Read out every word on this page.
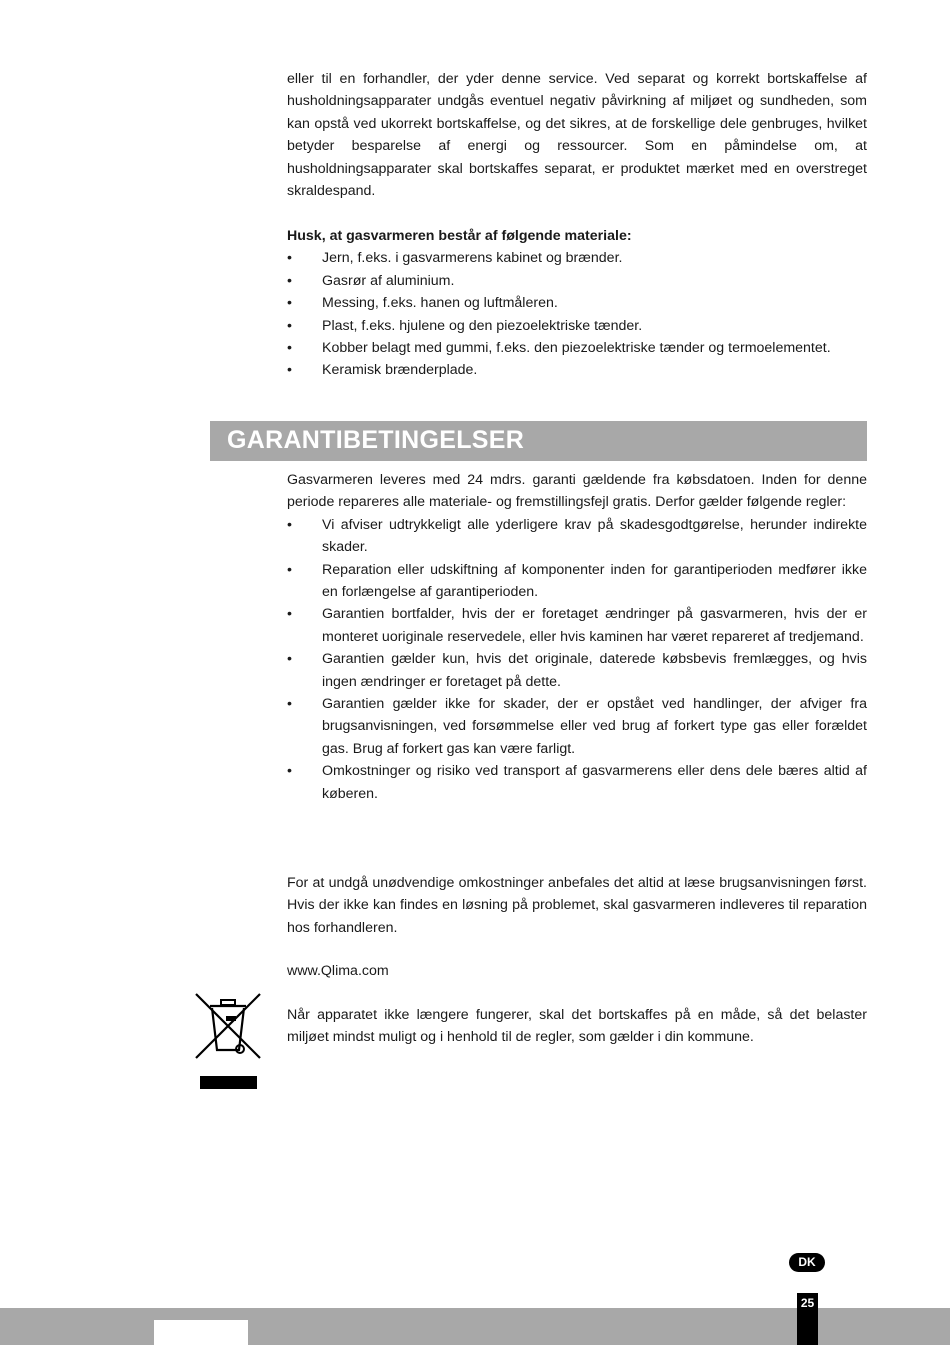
eller til en forhandler, der yder denne service. Ved separat og korrekt bortskaffelse af husholdningsapparater undgås eventuel negativ påvirkning af miljøet og sundheden, som kan opstå ved ukorrekt bortskaffelse, og det sikres, at de forskellige dele genbruges, hvilket betyder besparelse af energi og ressourcer. Som en påmindelse om, at husholdningsapparater skal bortskaffes separat, er produktet mærket med en overstreget skraldespand.

Husk, at gasvarmeren består af følgende materiale:

• Jern, f.eks. i gasvarmerens kabinet og brænder.
• Gasrør af aluminium.
• Messing, f.eks. hanen og luftmåleren.
• Plast, f.eks. hjulene og den piezoelektriske tænder.
• Kobber belagt med gummi, f.eks. den piezoelektriske tænder og termoelementet.
• Keramisk brænderplade.
GARANTIBETINGELSER

Gasvarmeren leveres med 24 mdrs. garanti gældende fra købsdatoen. Inden for denne periode repareres alle materiale- og fremstillingsfejl gratis. Derfor gælder følgende regler:

• Vi afviser udtrykkeligt alle yderligere krav på skadesgodtgørelse, herunder indirekte skader.
• Reparation eller udskiftning af komponenter inden for garantiperioden medfører ikke en forlængelse af garantiperioden.
• Garantien bortfalder, hvis der er foretaget ændringer på gasvarmeren, hvis der er monteret uoriginale reservedele, eller hvis kaminen har været repareret af tredjemand.
• Garantien gælder kun, hvis det originale, daterede købsbevis fremlægges, og hvis ingen ændringer er foretaget på dette.
• Garantien gælder ikke for skader, der er opstået ved handlinger, der afviger fra brugsanvisningen, ved forsømmelse eller ved brug af forkert type gas eller forældet gas. Brug af forkert gas kan være farligt.
• Omkostninger og risiko ved transport af gasvarmerens eller dens dele bæres altid af køberen.

For at undgå unødvendige omkostninger anbefales det altid at læse brugsanvisningen først. Hvis der ikke kan findes en løsning på problemet, skal gasvarmeren indleveres til reparation hos forhandleren.

www.Qlima.com

Når apparatet ikke længere fungerer, skal det bortskaffes på en måde, så det belaster miljøet mindst muligt og i henhold til de regler, som gælder i din kommune.

DK
25
